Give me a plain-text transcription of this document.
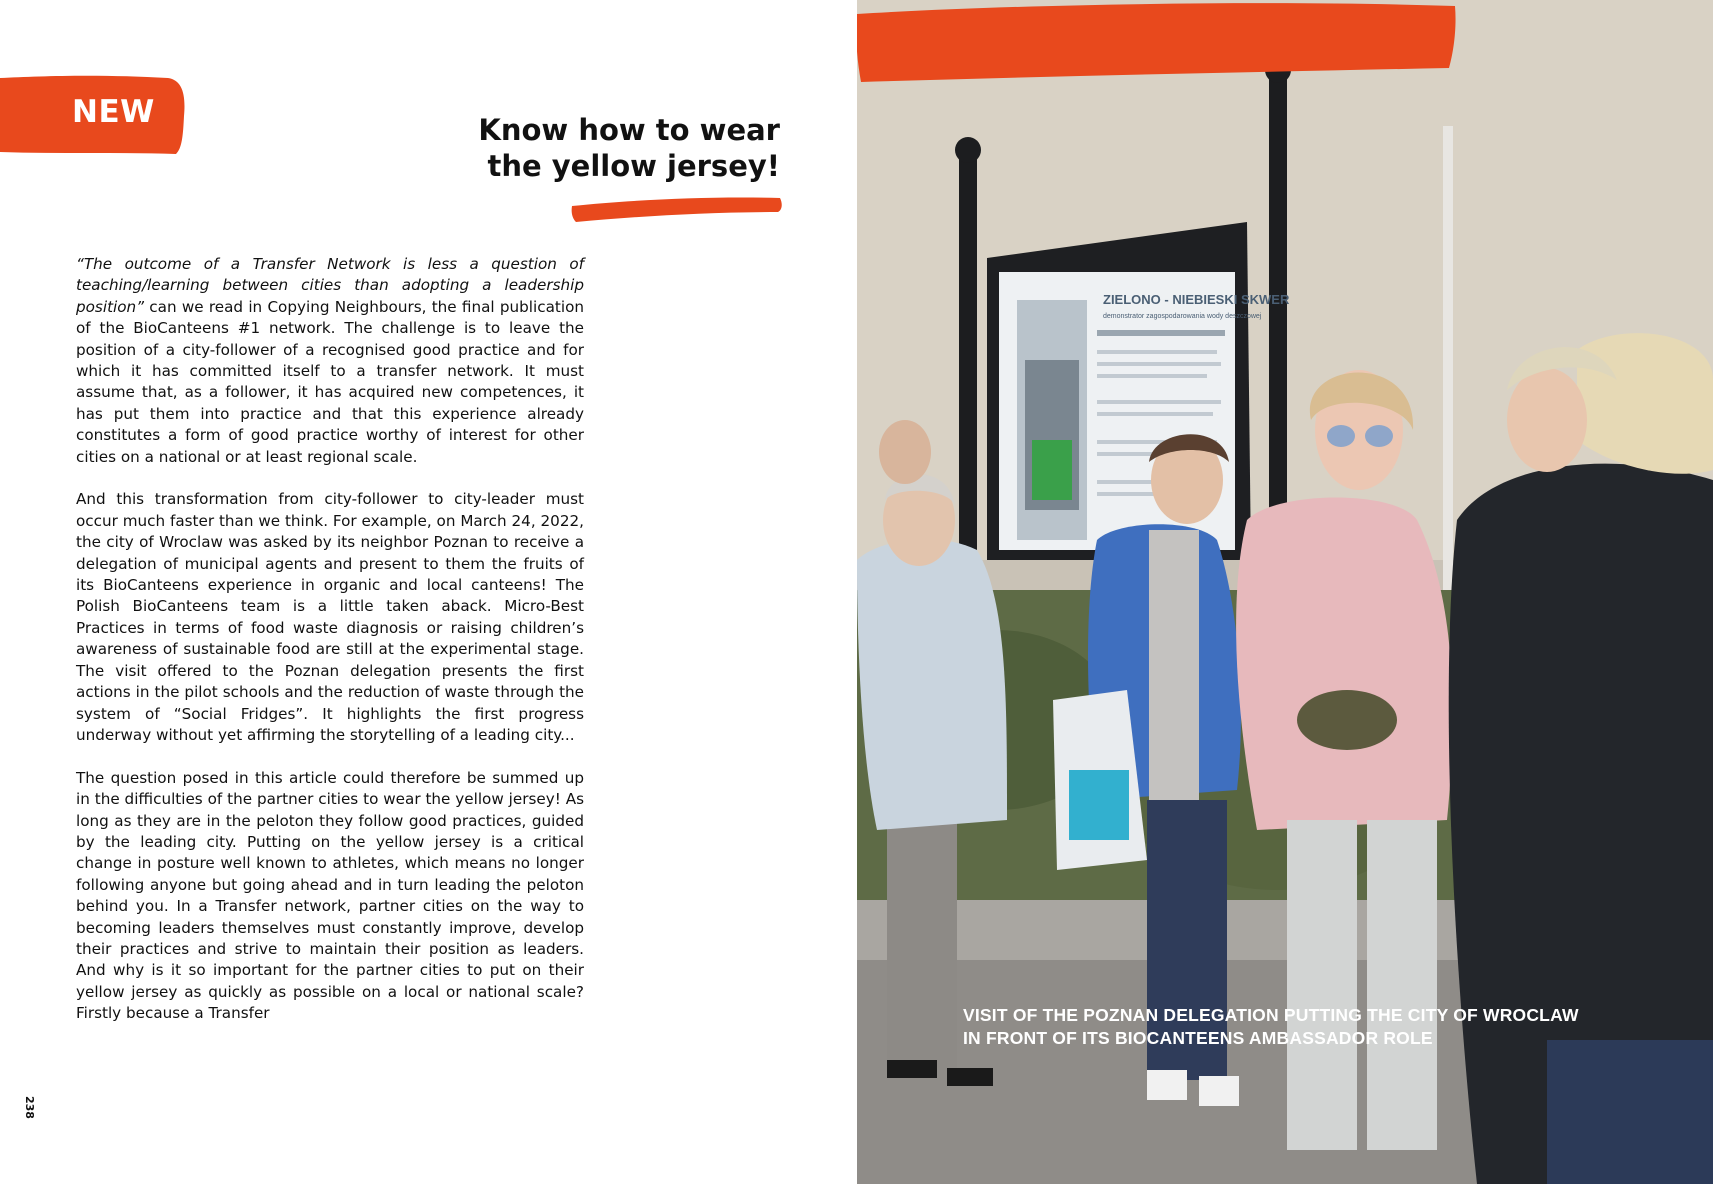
NEW	Know how to wear
the yellow jersey!

“The outcome of a Transfer Network is less a question of teaching/learning between cities than adopting a leadership position” can we read in Copying Neighbours, the final publication of the BioCanteens #1 network. The challenge is to leave the position of a city-follower of a recognised good practice and for which it has committed itself to a transfer network. It must assume that, as a follower, it has acquired new competences, it has put them into practice and that this experience already constitutes a form of good practice worthy of interest for other cities on a national or at least regional scale.

And this transformation from city-follower to city-leader must occur much faster than we think. For example, on March 24, 2022, the city of Wroclaw was asked by its neighbor Poznan to receive a delegation of municipal agents and present to them the fruits of its BioCanteens experience in organic and local canteens! The Polish BioCanteens team is a little taken aback. Micro-Best Practices in terms of food waste diagnosis or raising children’s awareness of sustainable food are still at the experimental stage. The visit offered to the Poznan delegation presents the first actions in the pilot schools and the reduction of waste through the system of “Social Fridges”. It highlights the first progress underway without yet affirming the storytelling of a leading city...

The question posed in this article could therefore be summed up in the difficulties of the partner cities to wear the yellow jersey! As long as they are in the peloton they follow good practices, guided by the leading city. Putting on the yellow jersey is a critical change in posture well known to athletes, which means no longer following anyone but going ahead and in turn leading the peloton behind you. In a Transfer network, partner cities on the way to becoming leaders themselves must constantly improve, develop their practices and strive to maintain their position as leaders. And why is it so important for the partner cities to put on their yellow jersey as quickly as possible on a local or national scale? Firstly because a Transfer

238
ZIELONO - NIEBIESKI SKWER
demonstrator zagospodarowania wody deszczowej
VISIT OF THE POZNAN DELEGATION PUTTING THE CITY OF WROCLAW
IN FRONT OF ITS BIOCANTEENS AMBASSADOR ROLE
